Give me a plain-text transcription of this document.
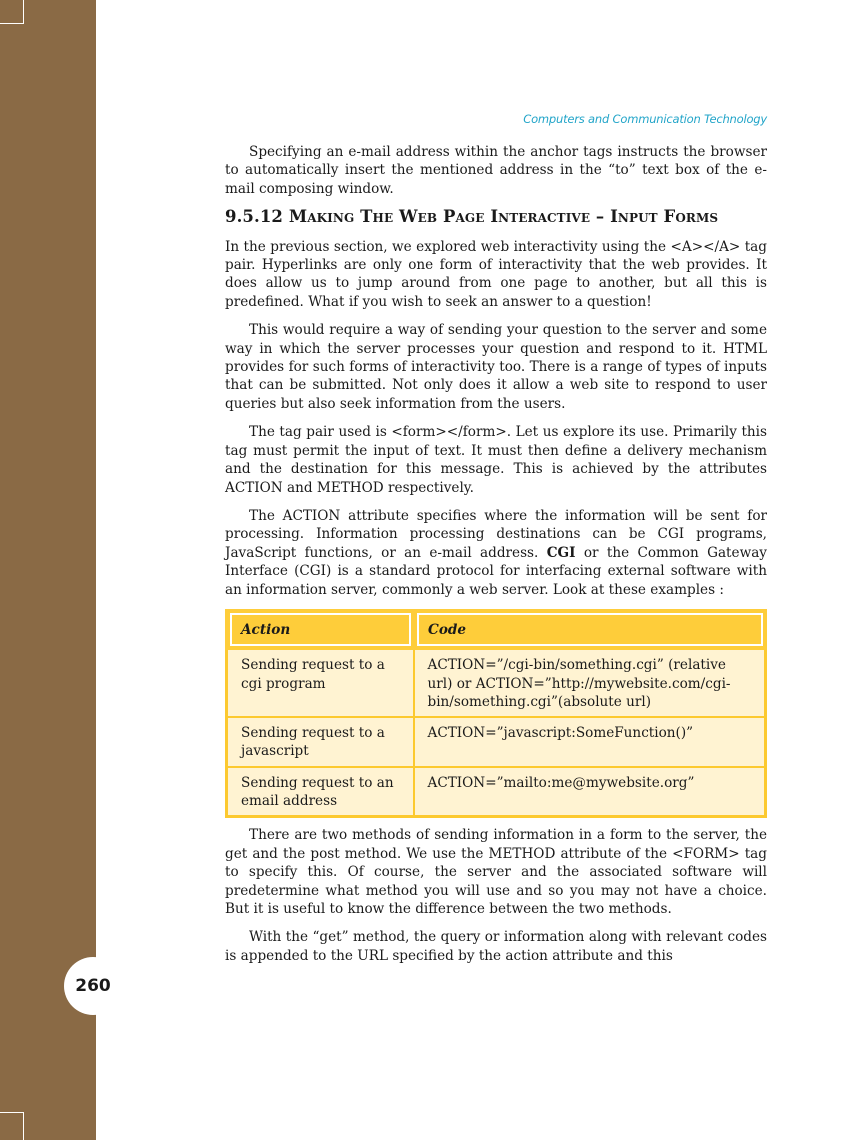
260
Computers and Communication Technology

Specifying an e-mail address within the anchor tags instructs the browser to automatically insert the mentioned address in the “to” text box of the e-mail composing window.

9.5.12 Making The Web Page Interactive – Input Forms

In the previous section, we explored web interactivity using the <A></A> tag pair. Hyperlinks are only one form of interactivity that the web provides. It does allow us to jump around from one page to another, but all this is predefined. What if you wish to seek an answer to a question!

This would require a way of sending your question to the server and some way in which the server processes your question and respond to it. HTML provides for such forms of interactivity too. There is a range of types of inputs that can be submitted. Not only does it allow a web site to respond to user queries but also seek information from the users.

The tag pair used is <form></form>. Let us explore its use. Primarily this tag must permit the input of text. It must then define a delivery mechanism and the destination for this message. This is achieved by the attributes ACTION and METHOD respectively.

The ACTION attribute specifies where the information will be sent for processing. Information processing destinations can be CGI programs, JavaScript functions, or an e-mail address. CGI or the Common Gateway Interface (CGI) is a standard protocol for interfacing external software with an information server, commonly a web server. Look at these examples :

Action	Code
Sending request to a cgi program	ACTION=”/cgi-bin/something.cgi” (relative url) or ACTION=”http://mywebsite.com/cgi-bin/something.cgi”(absolute url)
Sending request to a javascript	ACTION=”javascript:SomeFunction()”
Sending request to an email address	ACTION=”mailto:me@mywebsite.org”

There are two methods of sending information in a form to the server, the get and the post method. We use the METHOD attribute of the <FORM> tag to specify this. Of course, the server and the associated software will predetermine what method you will use and so you may not have a choice. But it is useful to know the difference between the two methods.

With the “get” method, the query or information along with relevant codes is appended to the URL specified by the action attribute and this
